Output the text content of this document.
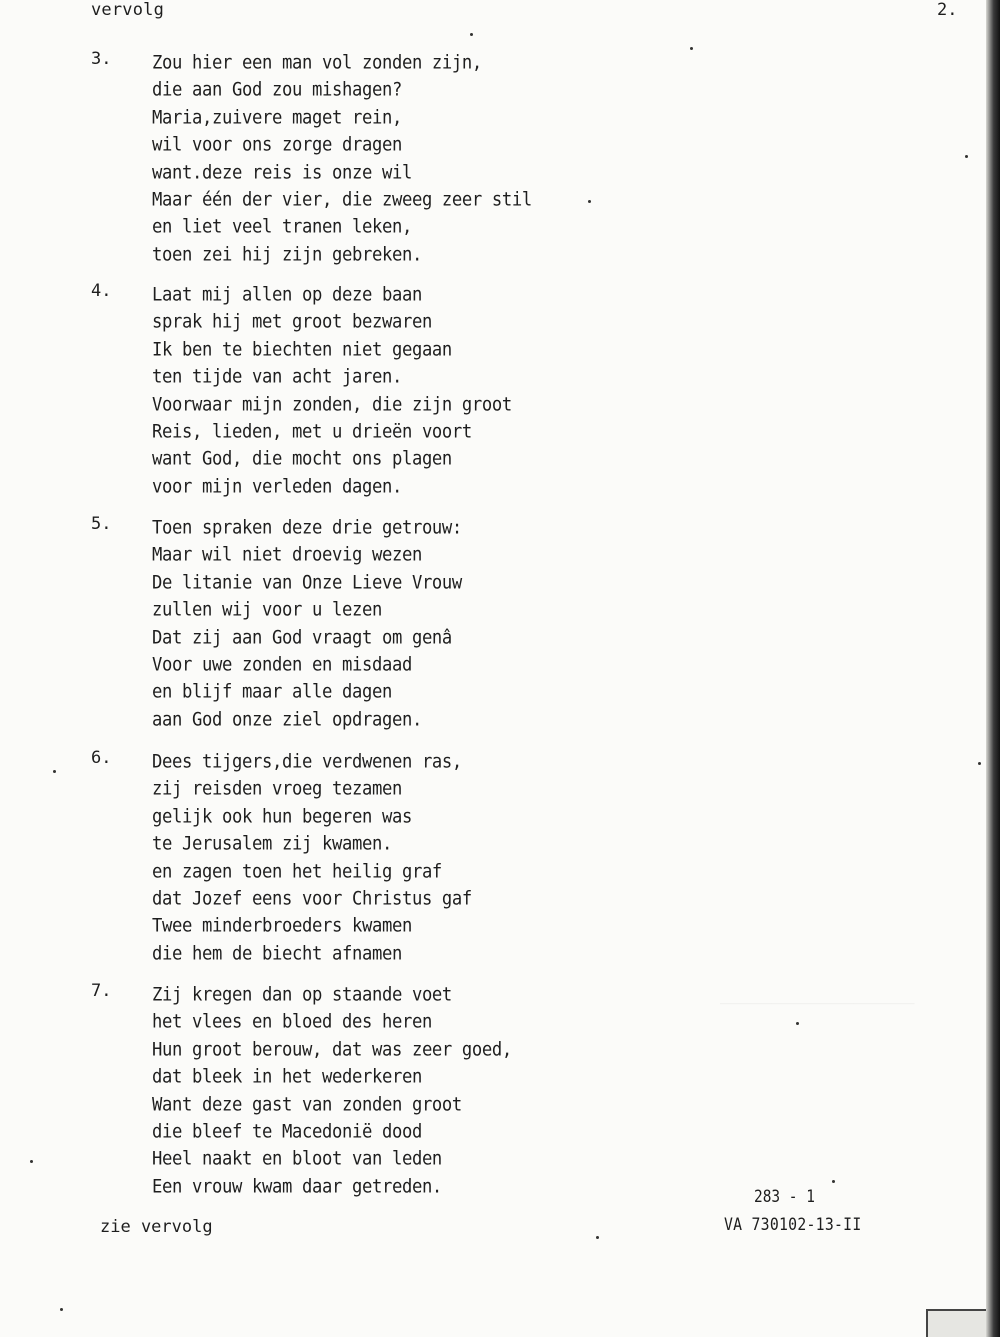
vervolg	2.
___________________
3. Zou hier een man vol zonden zijn,
die aan God zou mishagen?
Maria,zuivere maget rein,
wil voor ons zorge dragen
want.deze reis is onze wil
Maar één der vier, die zweeg zeer stil
en liet veel tranen leken,
toen zei hij zijn gebreken.
4. Laat mij allen op deze baan
sprak hij met groot bezwaren
Ik ben te biechten niet gegaan
ten tijde van acht jaren.
Voorwaar mijn zonden, die zijn groot
Reis, lieden, met u drieën voort
want God, die mocht ons plagen
voor mijn verleden dagen.
5. Toen spraken deze drie getrouw:
Maar wil niet droevig wezen
De litanie van Onze Lieve Vrouw
zullen wij voor u lezen
Dat zij aan God vraagt om genâ
Voor uwe zonden en misdaad
en blijf maar alle dagen
aan God onze ziel opdragen.
6. Dees tijgers,die verdwenen ras,
zij reisden vroeg tezamen
gelijk ook hun begeren was
te Jerusalem zij kwamen.
en zagen toen het heilig graf
dat Jozef eens voor Christus gaf
Twee minderbroeders kwamen
die hem de biecht afnamen
7. Zij kregen dan op staande voet
het vlees en bloed des heren
Hun groot berouw, dat was zeer goed,
dat bleek in het wederkeren
Want deze gast van zonden groot
die bleef te Macedonië dood
Heel naakt en bloot van leden
Een vrouw kwam daar getreden.
zie vervolg
283 - 1
VA 730102-13-II
